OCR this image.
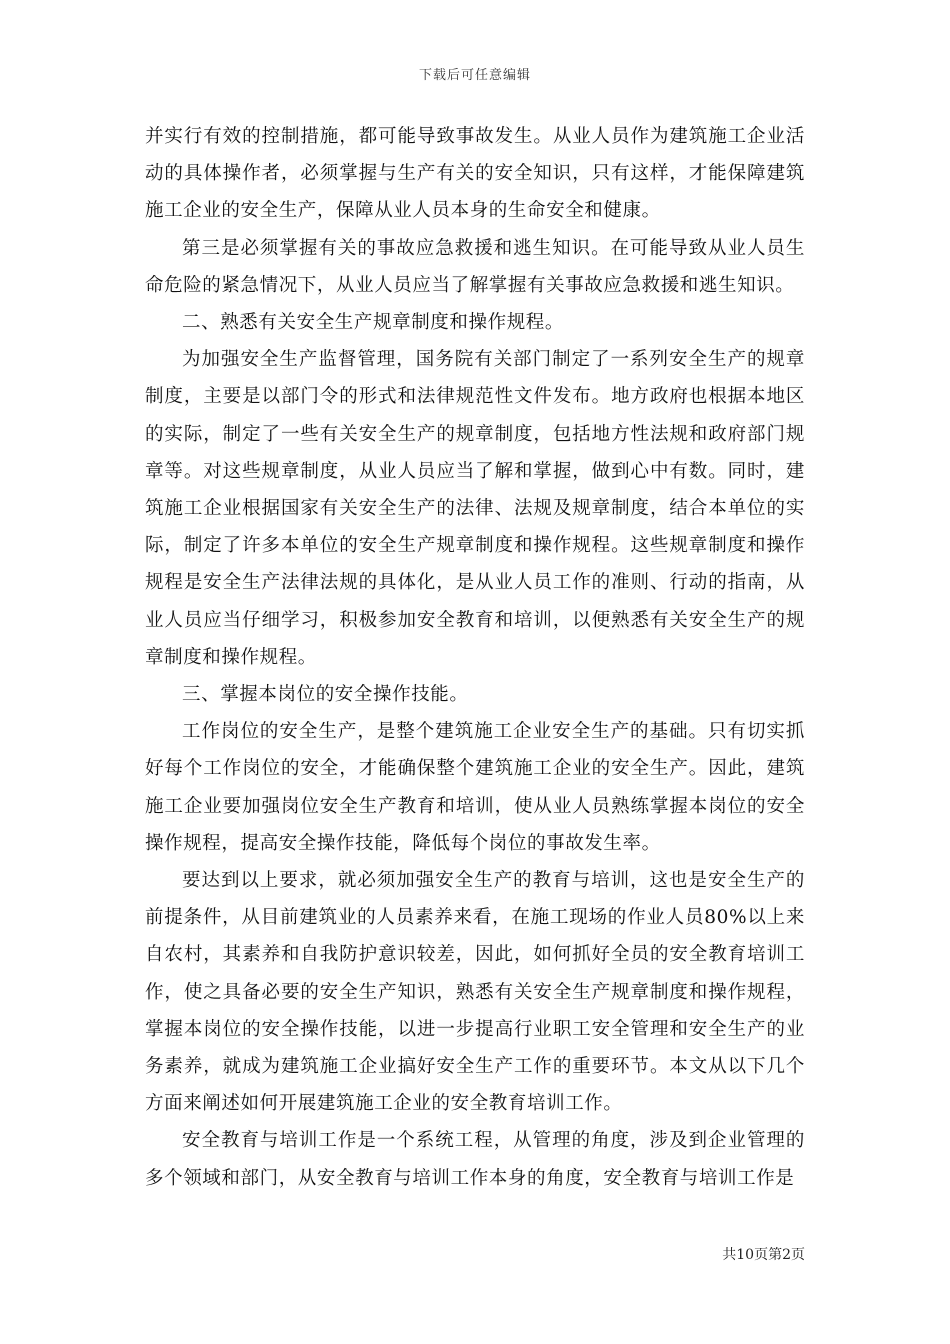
下载后可任意编辑

并实行有效的控制措施，都可能导致事故发生。从业人员作为建筑施工企业活动的具体操作者，必须掌握与生产有关的安全知识，只有这样，才能保障建筑施工企业的安全生产，保障从业人员本身的生命安全和健康。

第三是必须掌握有关的事故应急救援和逃生知识。在可能导致从业人员生命危险的紧急情况下，从业人员应当了解掌握有关事故应急救援和逃生知识。

二、熟悉有关安全生产规章制度和操作规程。

为加强安全生产监督管理，国务院有关部门制定了一系列安全生产的规章制度，主要是以部门令的形式和法律规范性文件发布。地方政府也根据本地区的实际，制定了一些有关安全生产的规章制度，包括地方性法规和政府部门规章等。对这些规章制度，从业人员应当了解和掌握，做到心中有数。同时，建筑施工企业根据国家有关安全生产的法律、法规及规章制度，结合本单位的实际，制定了许多本单位的安全生产规章制度和操作规程。这些规章制度和操作规程是安全生产法律法规的具体化，是从业人员工作的准则、行动的指南，从业人员应当仔细学习，积极参加安全教育和培训，以便熟悉有关安全生产的规章制度和操作规程。

三、掌握本岗位的安全操作技能。

工作岗位的安全生产，是整个建筑施工企业安全生产的基础。只有切实抓好每个工作岗位的安全，才能确保整个建筑施工企业的安全生产。因此，建筑施工企业要加强岗位安全生产教育和培训，使从业人员熟练掌握本岗位的安全操作规程，提高安全操作技能，降低每个岗位的事故发生率。

要达到以上要求，就必须加强安全生产的教育与培训，这也是安全生产的前提条件，从目前建筑业的人员素养来看，在施工现场的作业人员80%以上来自农村，其素养和自我防护意识较差，因此，如何抓好全员的安全教育培训工作，使之具备必要的安全生产知识，熟悉有关安全生产规章制度和操作规程，掌握本岗位的安全操作技能，以进一步提高行业职工安全管理和安全生产的业务素养，就成为建筑施工企业搞好安全生产工作的重要环节。本文从以下几个方面来阐述如何开展建筑施工企业的安全教育培训工作。

安全教育与培训工作是一个系统工程，从管理的角度，涉及到企业管理的多个领域和部门，从安全教育与培训工作本身的角度，安全教育与培训工作是

共10页第2页
